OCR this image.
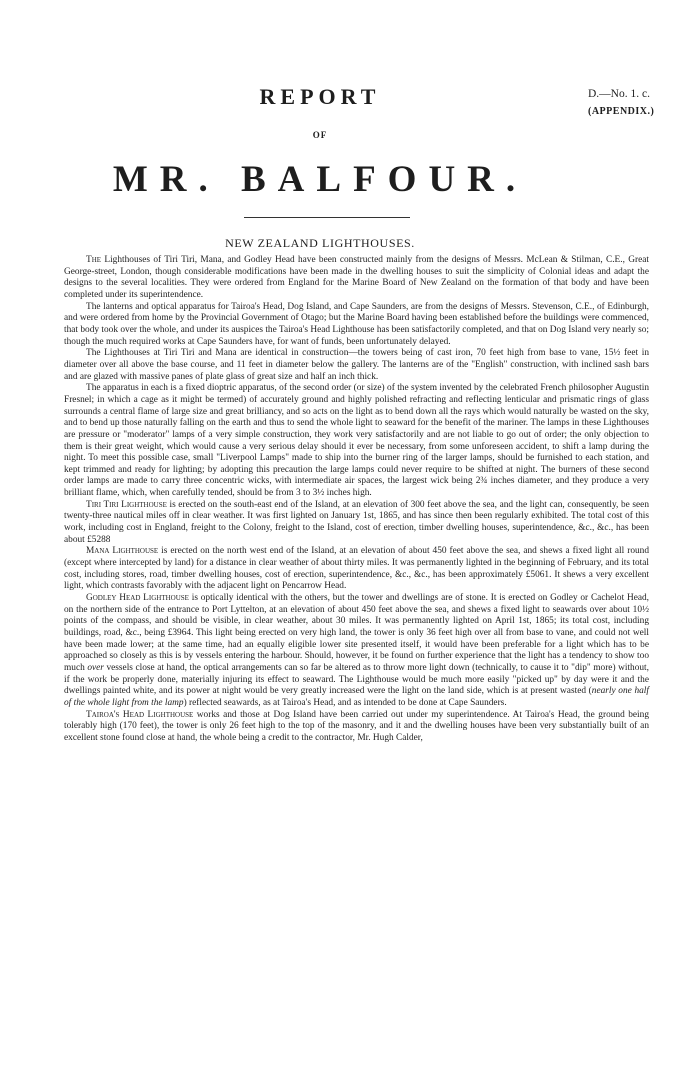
REPORT
OF
MR. BALFOUR.
D.—No. 1. c.
(APPENDIX.)
NEW ZEALAND LIGHTHOUSES.

The Lighthouses of Tiri Tiri, Mana, and Godley Head have been constructed mainly from the designs of Messrs. McLean & Stilman, C.E., Great George-street, London, though considerable modifications have been made in the dwelling houses to suit the simplicity of Colonial ideas and adapt the designs to the several localities. They were ordered from England for the Marine Board of New Zealand on the formation of that body and have been completed under its superintendence.

The lanterns and optical apparatus for Tairoa's Head, Dog Island, and Cape Saunders, are from the designs of Messrs. Stevenson, C.E., of Edinburgh, and were ordered from home by the Provincial Government of Otago; but the Marine Board having been established before the buildings were commenced, that body took over the whole, and under its auspices the Tairoa's Head Lighthouse has been satisfactorily completed, and that on Dog Island very nearly so; though the much required works at Cape Saunders have, for want of funds, been unfortunately delayed.

The Lighthouses at Tiri Tiri and Mana are identical in construction—the towers being of cast iron, 70 feet high from base to vane, 15½ feet in diameter over all above the base course, and 11 feet in diameter below the gallery. The lanterns are of the "English" construction, with inclined sash bars and are glazed with massive panes of plate glass of great size and half an inch thick.

The apparatus in each is a fixed dioptric apparatus, of the second order (or size) of the system invented by the celebrated French philosopher Augustin Fresnel; in which a cage as it might be termed) of accurately ground and highly polished refracting and reflecting lenticular and prismatic rings of glass surrounds a central flame of large size and great brilliancy, and so acts on the light as to bend down all the rays which would naturally be wasted on the sky, and to bend up those naturally falling on the earth and thus to send the whole light to seaward for the benefit of the mariner. The lamps in these Lighthouses are pressure or "moderator" lamps of a very simple construction, they work very satisfactorily and are not liable to go out of order; the only objection to them is their great weight, which would cause a very serious delay should it ever be necessary, from some unforeseen accident, to shift a lamp during the night. To meet this possible case, small "Liverpool Lamps" made to ship into the burner ring of the larger lamps, should be furnished to each station, and kept trimmed and ready for lighting; by adopting this precaution the large lamps could never require to be shifted at night. The burners of these second order lamps are made to carry three concentric wicks, with intermediate air spaces, the largest wick being 2¾ inches diameter, and they produce a very brilliant flame, which, when carefully tended, should be from 3 to 3½ inches high.

Tiri Tiri Lighthouse is erected on the south-east end of the Island, at an elevation of 300 feet above the sea, and the light can, consequently, be seen twenty-three nautical miles off in clear weather. It was first lighted on January 1st, 1865, and has since then been regularly exhibited. The total cost of this work, including cost in England, freight to the Colony, freight to the Island, cost of erection, timber dwelling houses, superintendence, &c., &c., has been about £5288

Mana Lighthouse is erected on the north west end of the Island, at an elevation of about 450 feet above the sea, and shews a fixed light all round (except where intercepted by land) for a distance in clear weather of about thirty miles. It was permanently lighted in the beginning of February, and its total cost, including stores, road, timber dwelling houses, cost of erection, superintendence, &c., &c., has been approximately £5061. It shews a very excellent light, which contrasts favorably with the adjacent light on Pencarrow Head.

Godley Head Lighthouse is optically identical with the others, but the tower and dwellings are of stone. It is erected on Godley or Cachelot Head, on the northern side of the entrance to Port Lyttelton, at an elevation of about 450 feet above the sea, and shews a fixed light to seawards over about 10½ points of the compass, and should be visible, in clear weather, about 30 miles. It was permanently lighted on April 1st, 1865; its total cost, including buildings, road, &c., being £3964. This light being erected on very high land, the tower is only 36 feet high over all from base to vane, and could not well have been made lower; at the same time, had an equally eligible lower site presented itself, it would have been preferable for a light which has to be approached so closely as this is by vessels entering the harbour. Should, however, it be found on further experience that the light has a tendency to show too much over vessels close at hand, the optical arrangements can so far be altered as to throw more light down (technically, to cause it to "dip" more) without, if the work be properly done, materially injuring its effect to seaward. The Lighthouse would be much more easily "picked up" by day were it and the dwellings painted white, and its power at night would be very greatly increased were the light on the land side, which is at present wasted (nearly one half of the whole light from the lamp) reflected seawards, as at Tairoa's Head, and as intended to be done at Cape Saunders.

Tairoa's Head Lighthouse works and those at Dog Island have been carried out under my superintendence. At Tairoa's Head, the ground being tolerably high (170 feet), the tower is only 26 feet high to the top of the masonry, and it and the dwelling houses have been very substantially built of an excellent stone found close at hand, the whole being a credit to the contractor, Mr. Hugh Calder,
